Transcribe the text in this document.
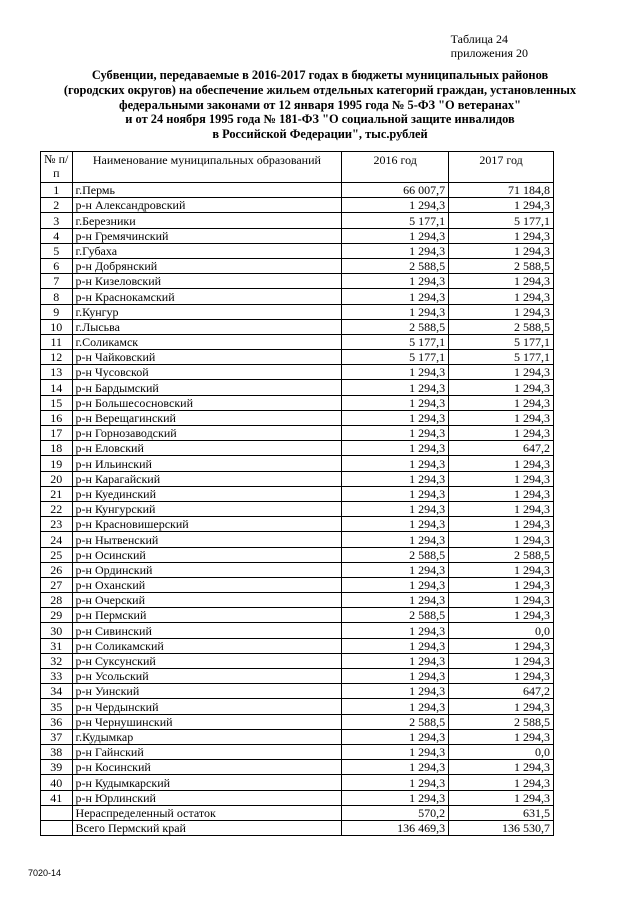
Таблица 24
приложения 20
Субвенции, передаваемые в 2016-2017 годах в бюджеты муниципальных районов
(городских округов) на обеспечение жильем отдельных категорий граждан, установленных
федеральными законами от 12 января 1995 года № 5-ФЗ "О ветеранах"
и от 24 ноября 1995 года № 181-ФЗ "О социальной защите инвалидов
в Российской Федерации", тыс.рублей
№ п/п	Наименование муниципальных образований	2016 год	2017 год
1	г.Пермь	66 007,7	71 184,8
2	р-н Александровский	1 294,3	1 294,3
3	г.Березники	5 177,1	5 177,1
4	р-н Гремячинский	1 294,3	1 294,3
5	г.Губаха	1 294,3	1 294,3
6	р-н Добрянский	2 588,5	2 588,5
7	р-н Кизеловский	1 294,3	1 294,3
8	р-н Краснокамский	1 294,3	1 294,3
9	г.Кунгур	1 294,3	1 294,3
10	г.Лысьва	2 588,5	2 588,5
11	г.Соликамск	5 177,1	5 177,1
12	р-н Чайковский	5 177,1	5 177,1
13	р-н Чусовской	1 294,3	1 294,3
14	р-н Бардымский	1 294,3	1 294,3
15	р-н Большесосновский	1 294,3	1 294,3
16	р-н Верещагинский	1 294,3	1 294,3
17	р-н Горнозаводский	1 294,3	1 294,3
18	р-н Еловский	1 294,3	647,2
19	р-н Ильинский	1 294,3	1 294,3
20	р-н Карагайский	1 294,3	1 294,3
21	р-н Куединский	1 294,3	1 294,3
22	р-н Кунгурский	1 294,3	1 294,3
23	р-н Красновишерский	1 294,3	1 294,3
24	р-н Нытвенский	1 294,3	1 294,3
25	р-н Осинский	2 588,5	2 588,5
26	р-н Ординский	1 294,3	1 294,3
27	р-н Оханский	1 294,3	1 294,3
28	р-н Очерский	1 294,3	1 294,3
29	р-н Пермский	2 588,5	1 294,3
30	р-н Сивинский	1 294,3	0,0
31	р-н Соликамский	1 294,3	1 294,3
32	р-н Суксунский	1 294,3	1 294,3
33	р-н Усольский	1 294,3	1 294,3
34	р-н Уинский	1 294,3	647,2
35	р-н Чердынский	1 294,3	1 294,3
36	р-н Чернушинский	2 588,5	2 588,5
37	г.Кудымкар	1 294,3	1 294,3
38	р-н Гайнский	1 294,3	0,0
39	р-н Косинский	1 294,3	1 294,3
40	р-н Кудымкарский	1 294,3	1 294,3
41	р-н Юрлинский	1 294,3	1 294,3
	Нераспределенный остаток	570,2	631,5
	Всего Пермский край	136 469,3	136 530,7
7020-14
